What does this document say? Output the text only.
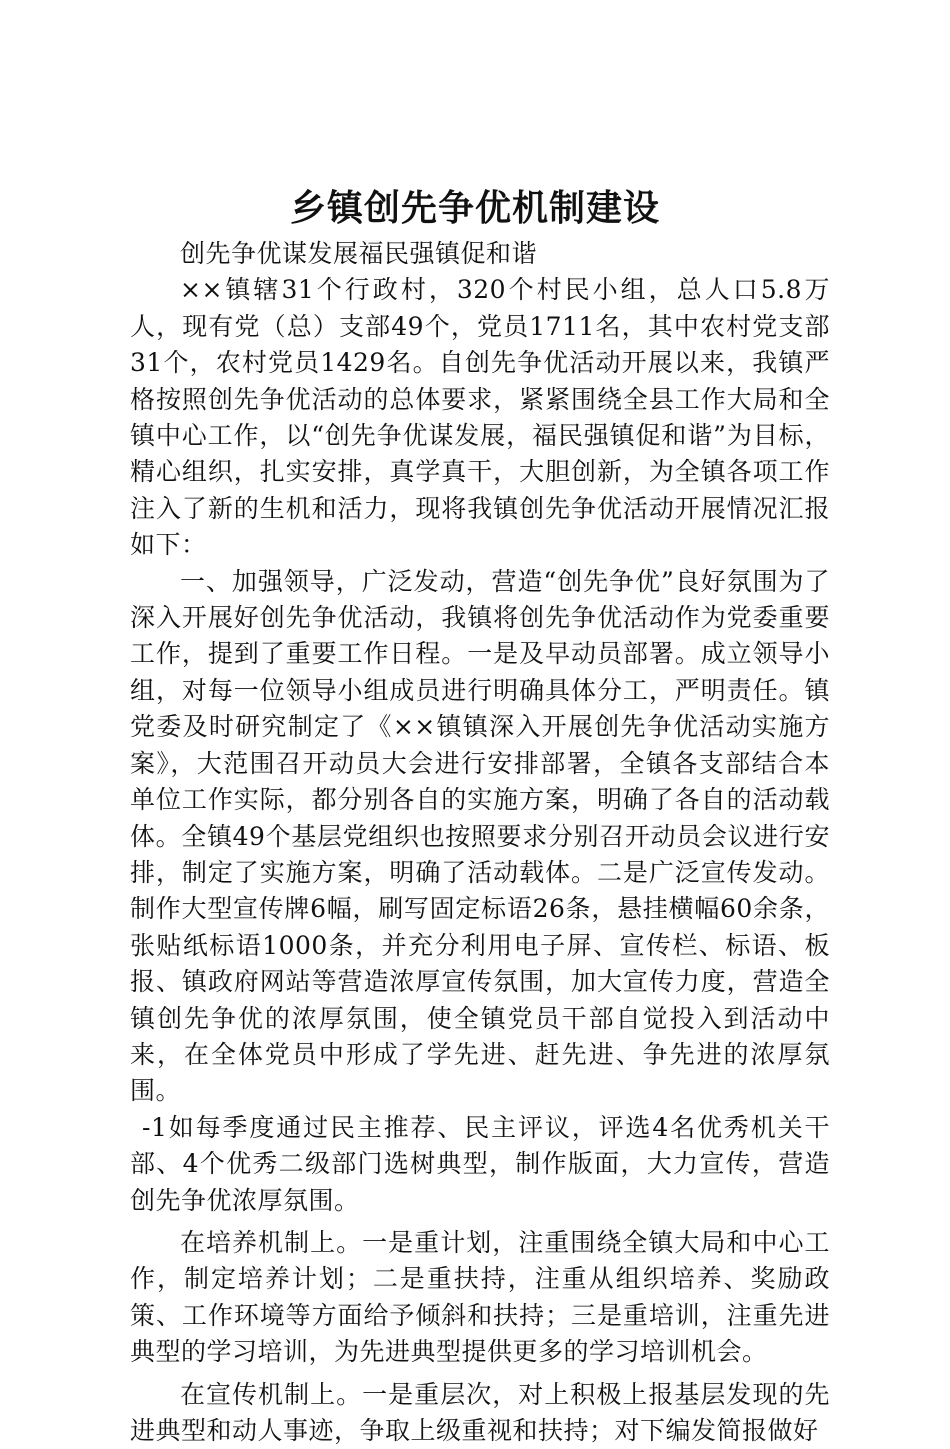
乡镇创先争优机制建设

创先争优谋发展福民强镇促和谐

××镇辖31个行政村，320个村民小组，总人口5.8万人，现有党（总）支部49个，党员1711名，其中农村党支部31个，农村党员1429名。自创先争优活动开展以来，我镇严格按照创先争优活动的总体要求，紧紧围绕全县工作大局和全镇中心工作，以“创先争优谋发展，福民强镇促和谐”为目标，精心组织，扎实安排，真学真干，大胆创新，为全镇各项工作注入了新的生机和活力，现将我镇创先争优活动开展情况汇报如下：

一、加强领导，广泛发动，营造“创先争优”良好氛围为了深入开展好创先争优活动，我镇将创先争优活动作为党委重要工作，提到了重要工作日程。一是及早动员部署。成立领导小组，对每一位领导小组成员进行明确具体分工，严明责任。镇党委及时研究制定了《××镇镇深入开展创先争优活动实施方案》，大范围召开动员大会进行安排部署，全镇各支部结合本单位工作实际，都分别各自的实施方案，明确了各自的活动载体。全镇49个基层党组织也按照要求分别召开动员会议进行安排，制定了实施方案，明确了活动载体。二是广泛宣传发动。制作大型宣传牌6幅，刷写固定标语26条，悬挂横幅60余条，张贴纸标语1000条，并充分利用电子屏、宣传栏、标语、板报、镇政府网站等营造浓厚宣传氛围，加大宣传力度，营造全镇创先争优的浓厚氛围，使全镇党员干部自觉投入到活动中来，在全体党员中形成了学先进、赶先进、争先进的浓厚氛围。

-1如每季度通过民主推荐、民主评议，评选4名优秀机关干部、4个优秀二级部门选树典型，制作版面，大力宣传，营造创先争优浓厚氛围。

在培养机制上。一是重计划，注重围绕全镇大局和中心工作，制定培养计划；二是重扶持，注重从组织培养、奖励政策、工作环境等方面给予倾斜和扶持；三是重培训，注重先进典型的学习培训，为先进典型提供更多的学习培训机会。

在宣传机制上。一是重层次，对上积极上报基层发现的先进典型和动人事迹，争取上级重视和扶持；对下编发简报做好
